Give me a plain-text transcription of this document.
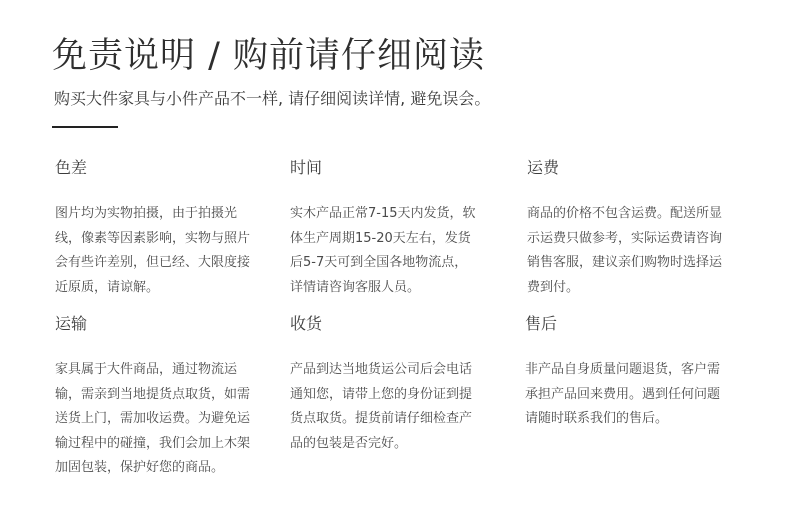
免责说明 / 购前请仔细阅读
购买大件家具与小件产品不一样, 请仔细阅读详情, 避免误会。
色差

图片均为实物拍摄，由于拍摄光线，像素等因素影响，实物与照片会有些许差别，但已经、大限度接近原质，请谅解。

时间

实木产品正常7-15天内发货，软体生产周期15-20天左右，发货后5-7天可到全国各地物流点，详情请咨询客服人员。

运费

商品的价格不包含运费。配送所显示运费只做参考，实际运费请咨询销售客服，建议亲们购物时选择运费到付。

运输

家具属于大件商品，通过物流运输，需亲到当地提货点取货，如需送货上门，需加收运费。为避免运输过程中的碰撞，我们会加上木架加固包装，保护好您的商品。

收货

产品到达当地货运公司后会电话通知您，请带上您的身份证到提货点取货。提货前请仔细检查产品的包装是否完好。

售后

非产品自身质量问题退货，客户需承担产品回来费用。遇到任何问题请随时联系我们的售后。
